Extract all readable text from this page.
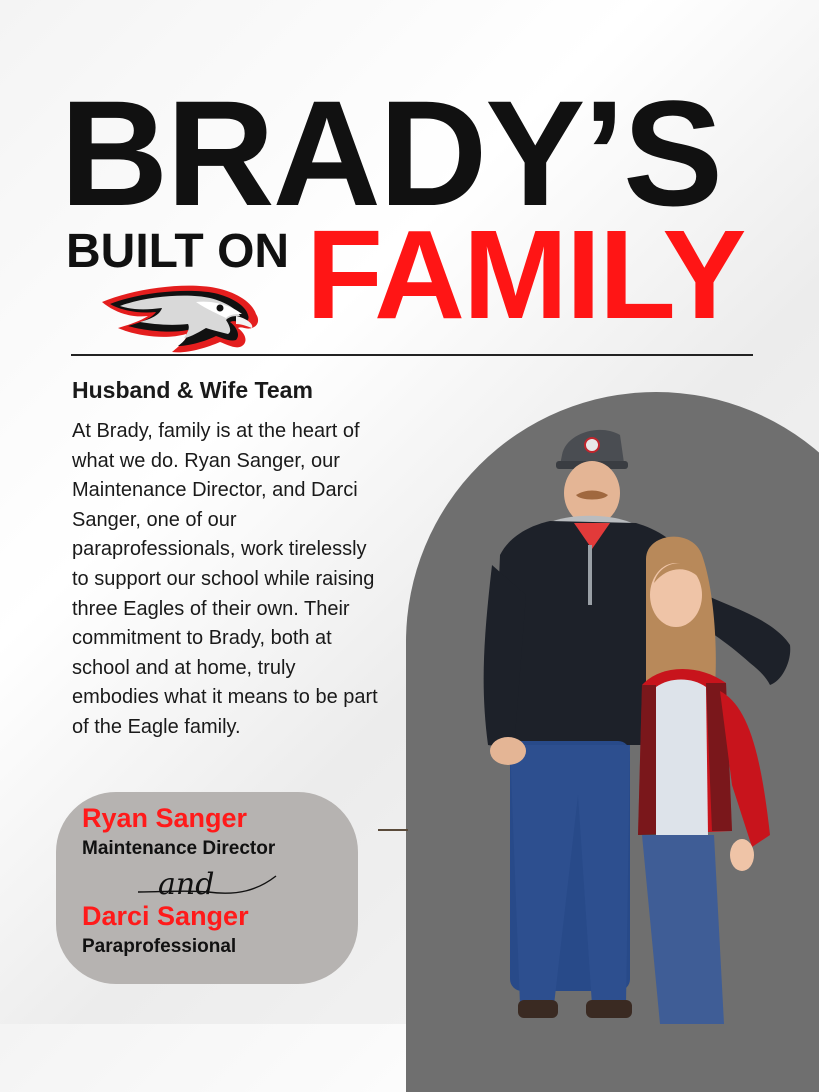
BRADY’S
BUILT ON FAMILY
Husband & Wife Team
At Brady, family is at the heart of what we do. Ryan Sanger, our Maintenance Director, and Darci Sanger, one of our paraprofessionals, work tirelessly to support our school while raising three Eagles of their own. Their commitment to Brady, both at school and at home, truly embodies what it means to be part of the Eagle family.
Ryan Sanger
Maintenance Director
and
Darci Sanger
Paraprofessional
